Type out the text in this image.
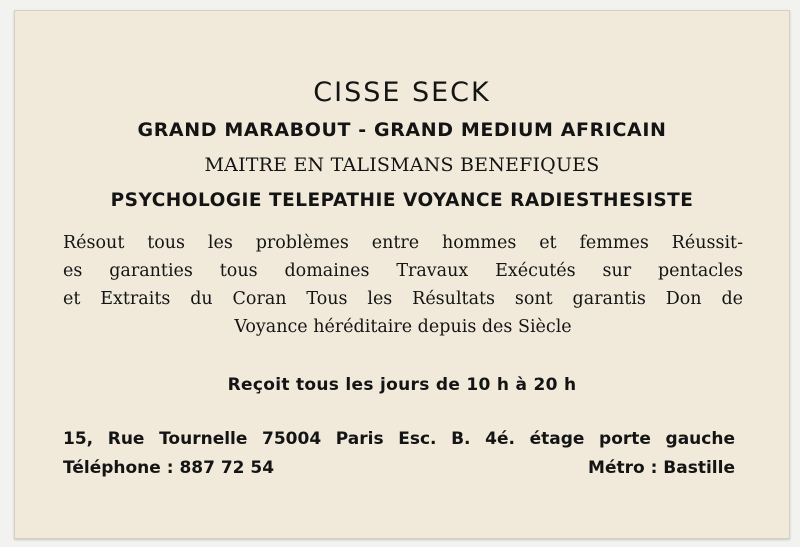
CISSE SECK
GRAND MARABOUT - GRAND MEDIUM AFRICAIN
MAITRE EN TALISMANS BENEFIQUES
PSYCHOLOGIE TELEPATHIE VOYANCE RADIESTHESISTE
Résout tous les problèmes entre hommes et femmes Réussit-
es garanties tous domaines Travaux Exécutés sur pentacles
et Extraits du Coran Tous les Résultats sont garantis Don de
Voyance héréditaire depuis des Siècle
Reçoit tous les jours de 10 h à 20 h
15, Rue Tournelle 75004 Paris Esc. B. 4é. étage porte gauche
Téléphone : 887 72 54	Métro : Bastille
